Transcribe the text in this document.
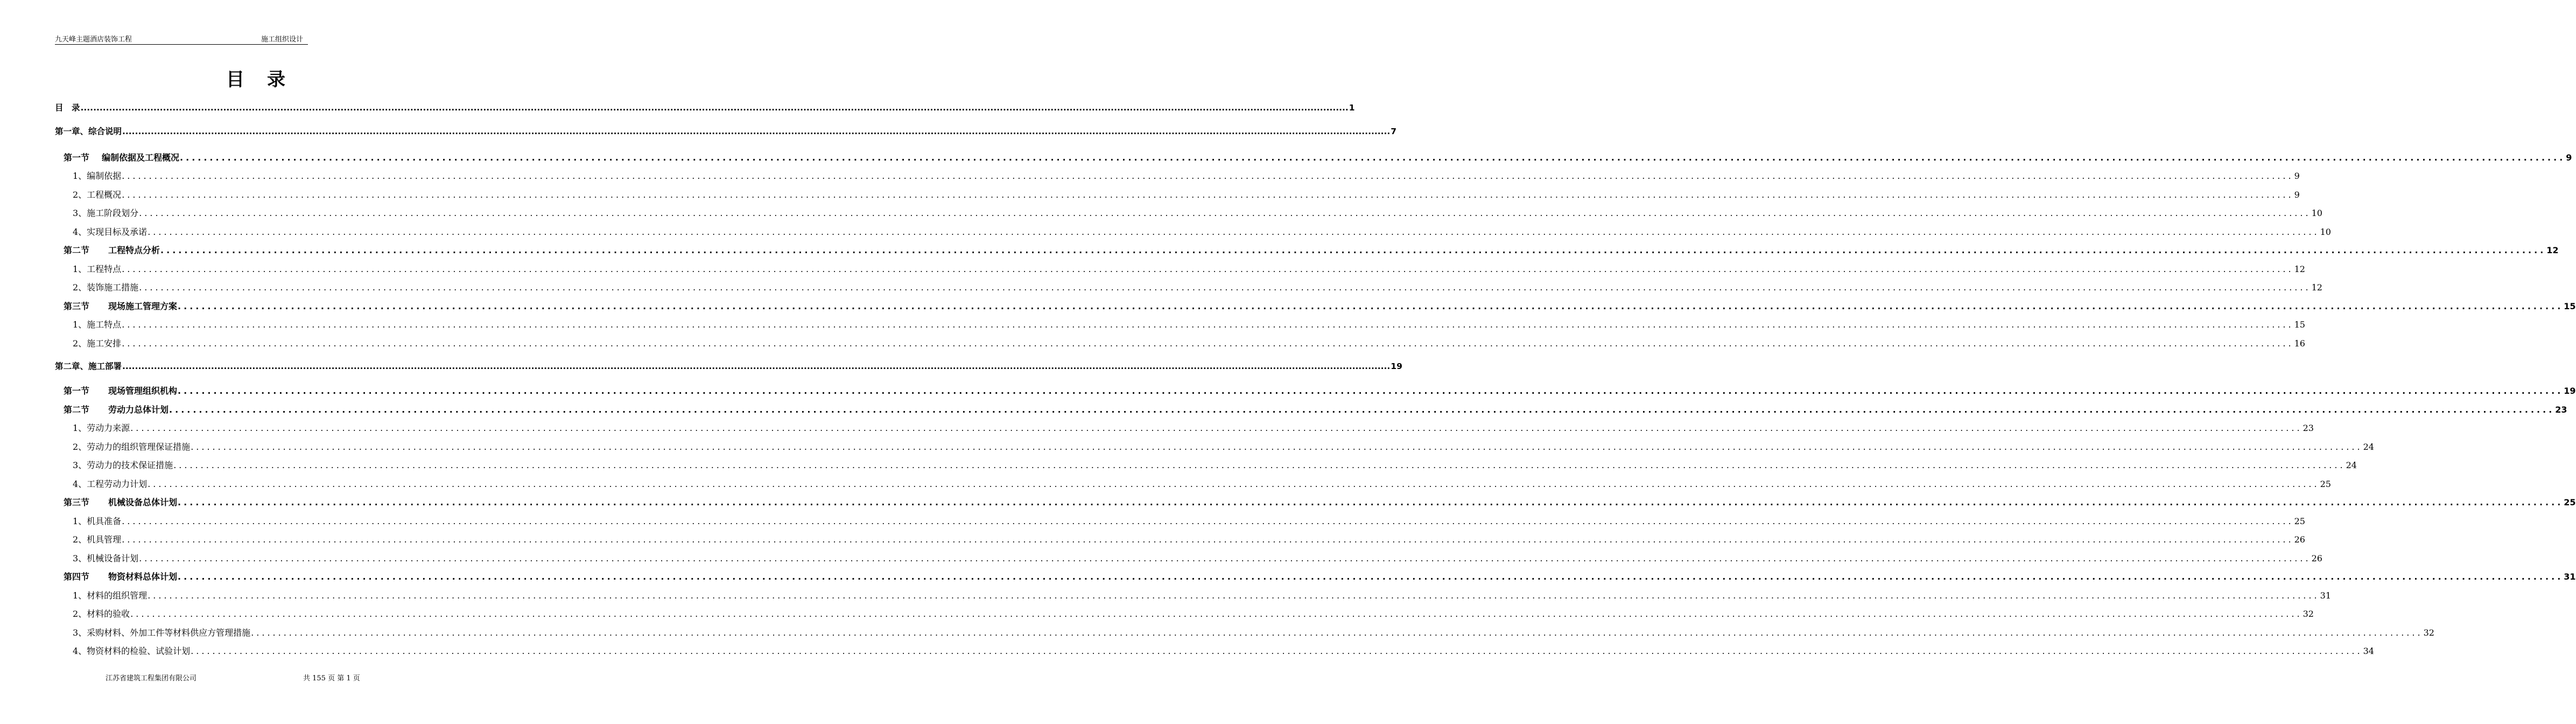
九天峰主题酒店装饰工程	施工组织设计
目录
目　录 ................................................................................................................................................................................................................................................................................................................................................................................................................ 1
第一章、综合说明 ................................................................................................................................................................................................................................................................................................................................................................................................................ 7
第一节 编制依据及工程概况 ................................................................................................................................................................................................................................................................................................................................................................................................................ 9
1、编制依据 ................................................................................................................................................................................................................................................................................................................................................................................................................ 9
2、工程概况 ................................................................................................................................................................................................................................................................................................................................................................................................................ 9
3、施工阶段划分 ................................................................................................................................................................................................................................................................................................................................................................................................................ 10
4、实现目标及承诺 ................................................................................................................................................................................................................................................................................................................................................................................................................ 10
第二节 工程特点分析 ................................................................................................................................................................................................................................................................................................................................................................................................................ 12
1、工程特点 ................................................................................................................................................................................................................................................................................................................................................................................................................ 12
2、装饰施工措施 ................................................................................................................................................................................................................................................................................................................................................................................................................ 12
第三节 现场施工管理方案 ................................................................................................................................................................................................................................................................................................................................................................................................................ 15
1、施工特点 ................................................................................................................................................................................................................................................................................................................................................................................................................ 15
2、施工安排 ................................................................................................................................................................................................................................................................................................................................................................................................................ 16
第二章、施工部署 ................................................................................................................................................................................................................................................................................................................................................................................................................ 19
第一节 现场管理组织机构 ................................................................................................................................................................................................................................................................................................................................................................................................................ 19
第二节 劳动力总体计划 ................................................................................................................................................................................................................................................................................................................................................................................................................ 23
1、劳动力来源 ................................................................................................................................................................................................................................................................................................................................................................................................................ 23
2、劳动力的组织管理保证措施 ................................................................................................................................................................................................................................................................................................................................................................................................................ 24
3、劳动力的技术保证措施 ................................................................................................................................................................................................................................................................................................................................................................................................................ 24
4、工程劳动力计划 ................................................................................................................................................................................................................................................................................................................................................................................................................ 25
第三节 机械设备总体计划 ................................................................................................................................................................................................................................................................................................................................................................................................................ 25
1、机具准备 ................................................................................................................................................................................................................................................................................................................................................................................................................ 25
2、机具管理 ................................................................................................................................................................................................................................................................................................................................................................................................................ 26
3、机械设备计划 ................................................................................................................................................................................................................................................................................................................................................................................................................ 26
第四节 物资材料总体计划 ................................................................................................................................................................................................................................................................................................................................................................................................................ 31
1、材料的组织管理 ................................................................................................................................................................................................................................................................................................................................................................................................................ 31
2、材料的验收 ................................................................................................................................................................................................................................................................................................................................................................................................................ 32
3、采购材料、外加工件等材料供应方管理措施 ................................................................................................................................................................................................................................................................................................................................................................................................................ 32
4、物资材料的检验、试验计划 ................................................................................................................................................................................................................................................................................................................................................................................................................ 34
江苏省建筑工程集团有限公司	共 155 页 第 1 页
